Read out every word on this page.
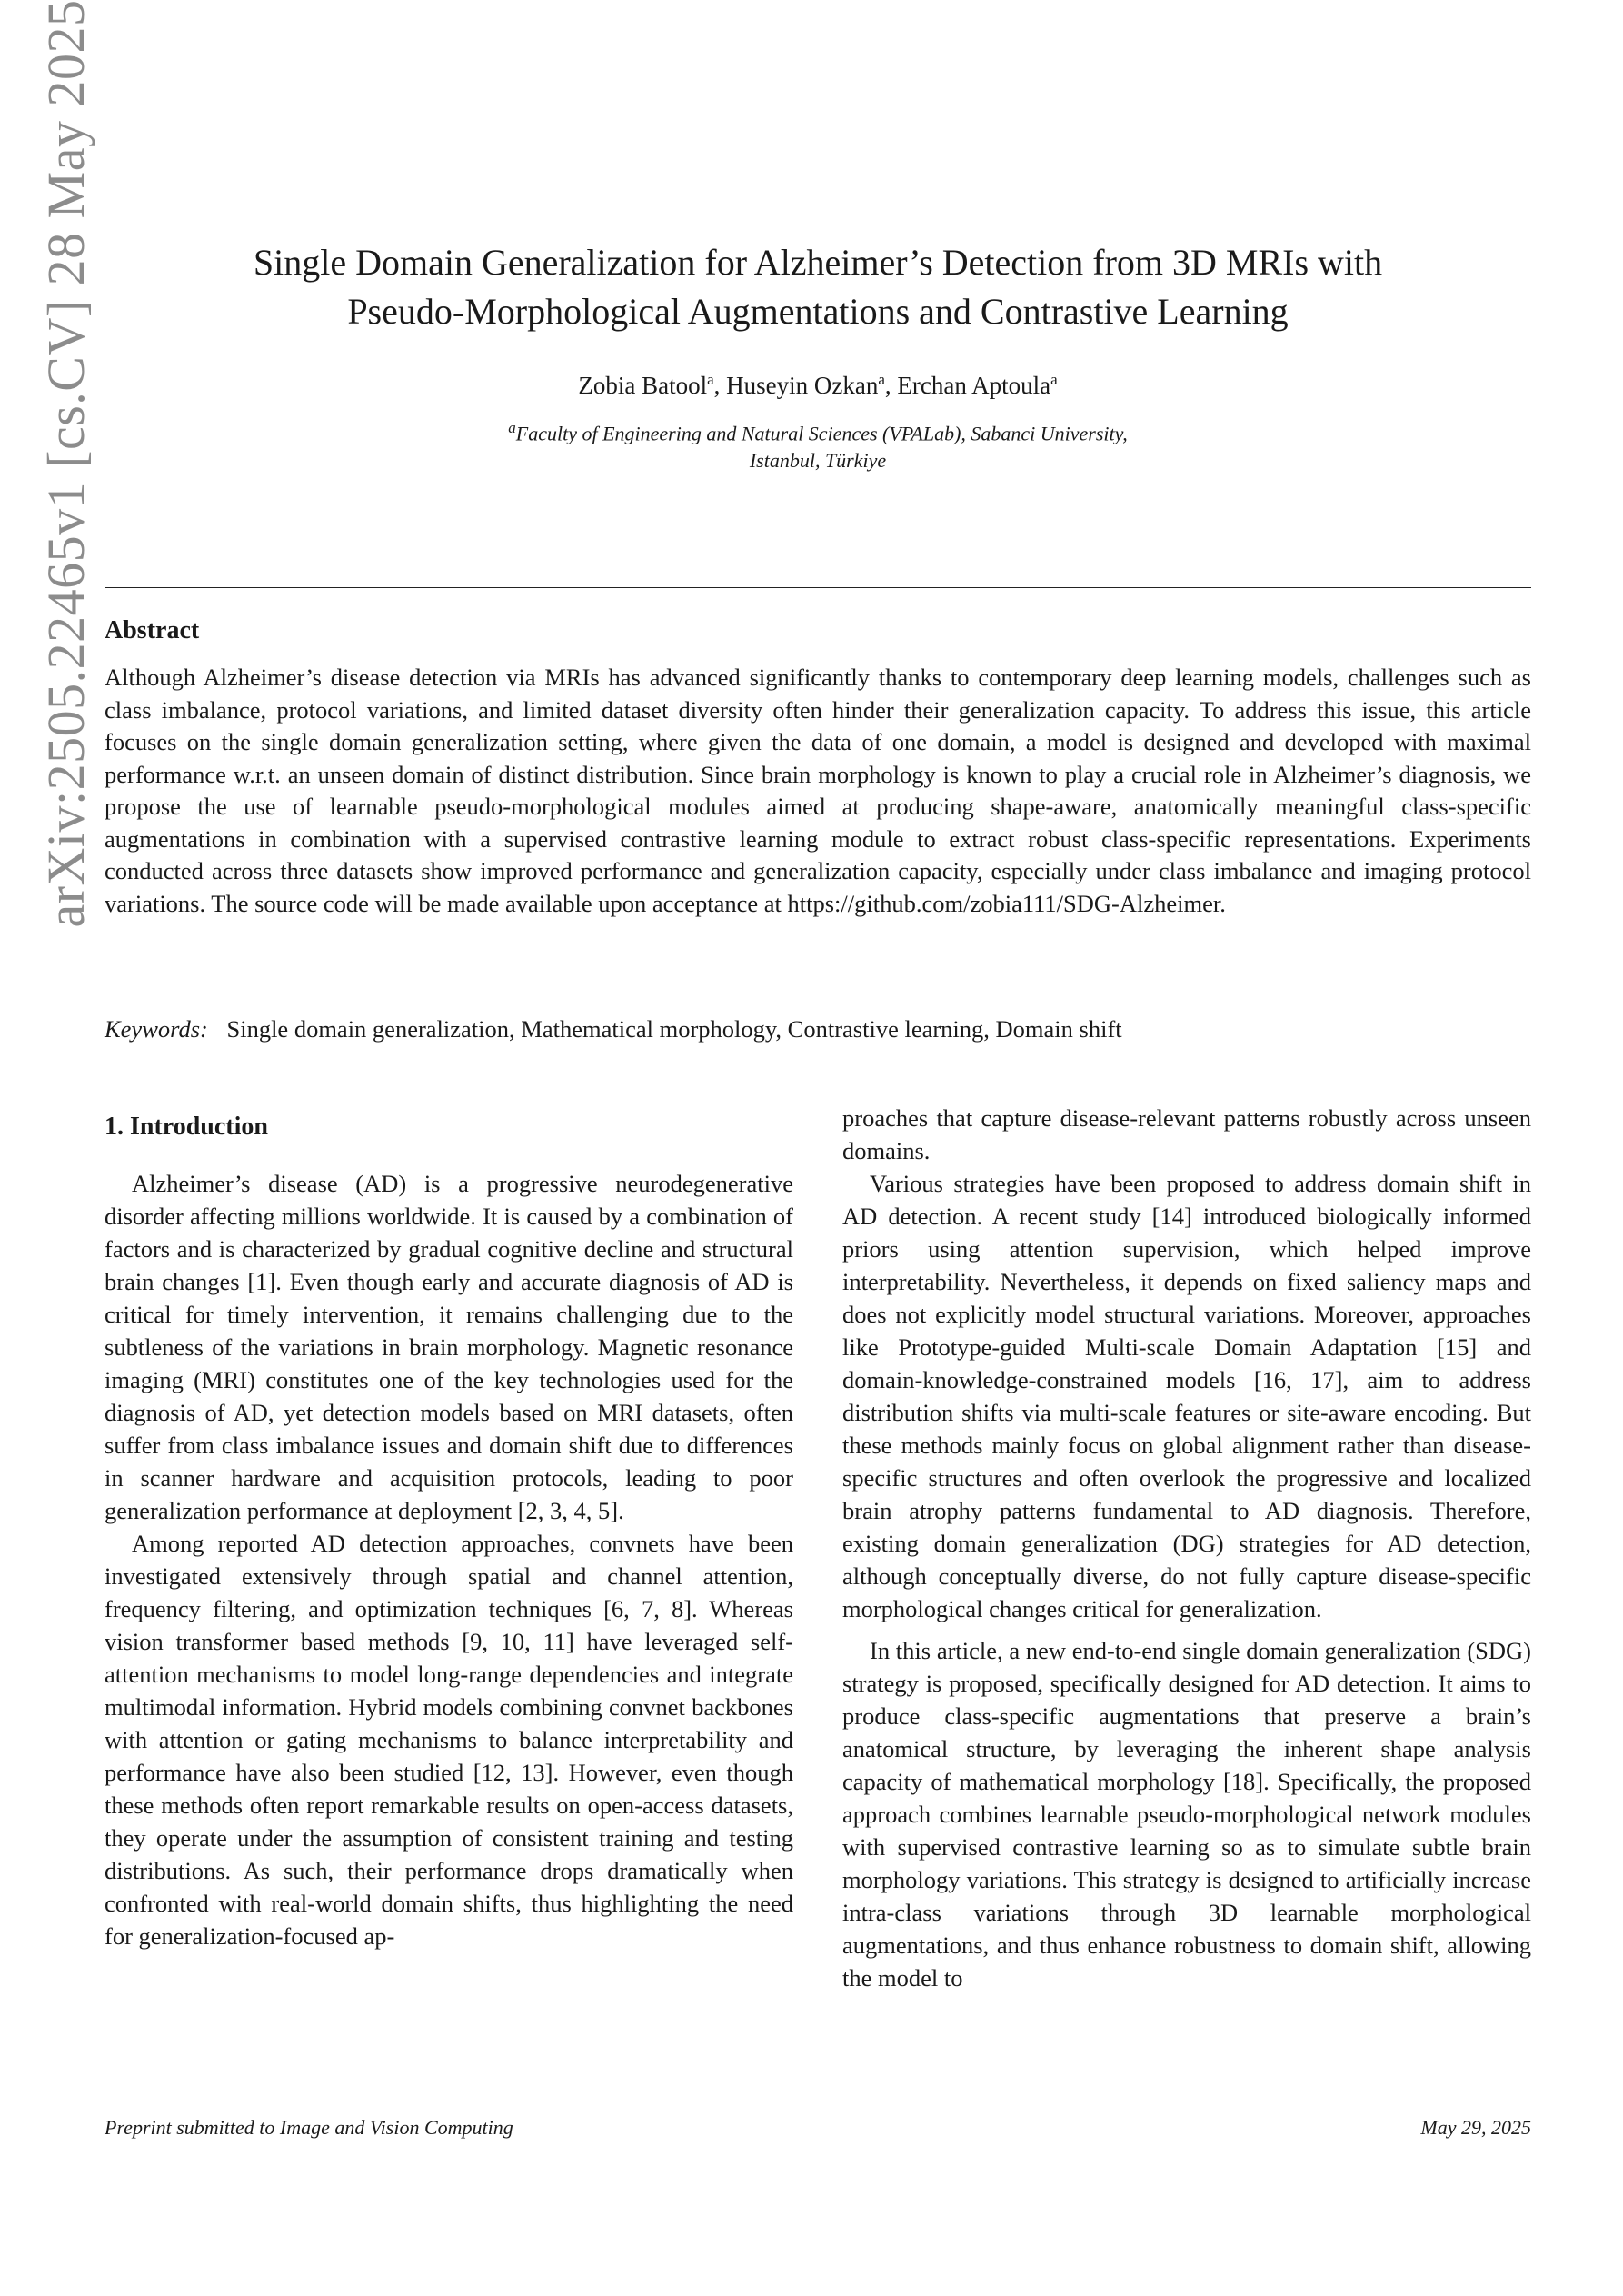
arXiv:2505.22465v1 [cs.CV] 28 May 2025	Single Domain Generalization for Alzheimer’s Detection from 3D MRIs with
Pseudo-Morphological Augmentations and Contrastive Learning
Zobia Batool$^a$, Huseyin Ozkan$^a$, Erchan Aptoula$^a$
$^a$Faculty of Engineering and Natural Sciences (VPALab), Sabanci University,
Istanbul, Türkiye
Abstract

Although Alzheimer’s disease detection via MRIs has advanced significantly thanks to contemporary deep learning models, challenges such as class imbalance, protocol variations, and limited dataset diversity often hinder their generalization capacity. To address this issue, this article focuses on the single domain generalization setting, where given the data of one domain, a model is designed and developed with maximal performance w.r.t. an unseen domain of distinct distribution. Since brain morphology is known to play a crucial role in Alzheimer’s diagnosis, we propose the use of learnable pseudo-morphological modules aimed at producing shape-aware, anatomically meaningful class-specific augmentations in combination with a supervised contrastive learning module to extract robust class-specific representations. Experiments conducted across three datasets show improved performance and generalization capacity, especially under class imbalance and imaging protocol variations. The source code will be made available upon acceptance at https://github.com/zobia111/SDG-Alzheimer.

Keywords: Single domain generalization, Mathematical morphology, Contrastive learning, Domain shift
1. Introduction

Alzheimer’s disease (AD) is a progressive neurodegenerative disorder affecting millions worldwide. It is caused by a combination of factors and is characterized by gradual cognitive decline and structural brain changes [1]. Even though early and accurate diagnosis of AD is critical for timely intervention, it remains challenging due to the subtleness of the variations in brain morphology. Magnetic resonance imaging (MRI) constitutes one of the key technologies used for the diagnosis of AD, yet detection models based on MRI datasets, often suffer from class imbalance issues and domain shift due to differences in scanner hardware and acquisition protocols, leading to poor generalization performance at deployment [2, 3, 4, 5].

Among reported AD detection approaches, convnets have been investigated extensively through spatial and channel attention, frequency filtering, and optimization techniques [6, 7, 8]. Whereas vision transformer based methods [9, 10, 11] have leveraged self-attention mechanisms to model long-range dependencies and integrate multimodal information. Hybrid models combining convnet backbones with attention or gating mechanisms to balance interpretability and performance have also been studied [12, 13]. However, even though these methods often report remarkable results on open-access datasets, they operate under the assumption of consistent training and testing distributions. As such, their performance drops dramatically when confronted with real-world domain shifts, thus highlighting the need for generalization-focused ap-

proaches that capture disease-relevant patterns robustly across unseen domains.

Various strategies have been proposed to address domain shift in AD detection. A recent study [14] introduced biologically informed priors using attention supervision, which helped improve interpretability. Nevertheless, it depends on fixed saliency maps and does not explicitly model structural variations. Moreover, approaches like Prototype-guided Multi-scale Domain Adaptation [15] and domain-knowledge-constrained models [16, 17], aim to address distribution shifts via multi-scale features or site-aware encoding. But these methods mainly focus on global alignment rather than disease-specific structures and often overlook the progressive and localized brain atrophy patterns fundamental to AD diagnosis. Therefore, existing domain generalization (DG) strategies for AD detection, although conceptually diverse, do not fully capture disease-specific morphological changes critical for generalization.

In this article, a new end-to-end single domain generalization (SDG) strategy is proposed, specifically designed for AD detection. It aims to produce class-specific augmentations that preserve a brain’s anatomical structure, by leveraging the inherent shape analysis capacity of mathematical morphology [18]. Specifically, the proposed approach combines learnable pseudo-morphological network modules with supervised contrastive learning so as to simulate subtle brain morphology variations. This strategy is designed to artificially increase intra-class variations through 3D learnable morphological augmentations, and thus enhance robustness to domain shift, allowing the model to

Preprint submitted to Image and Vision Computing	May 29, 2025
